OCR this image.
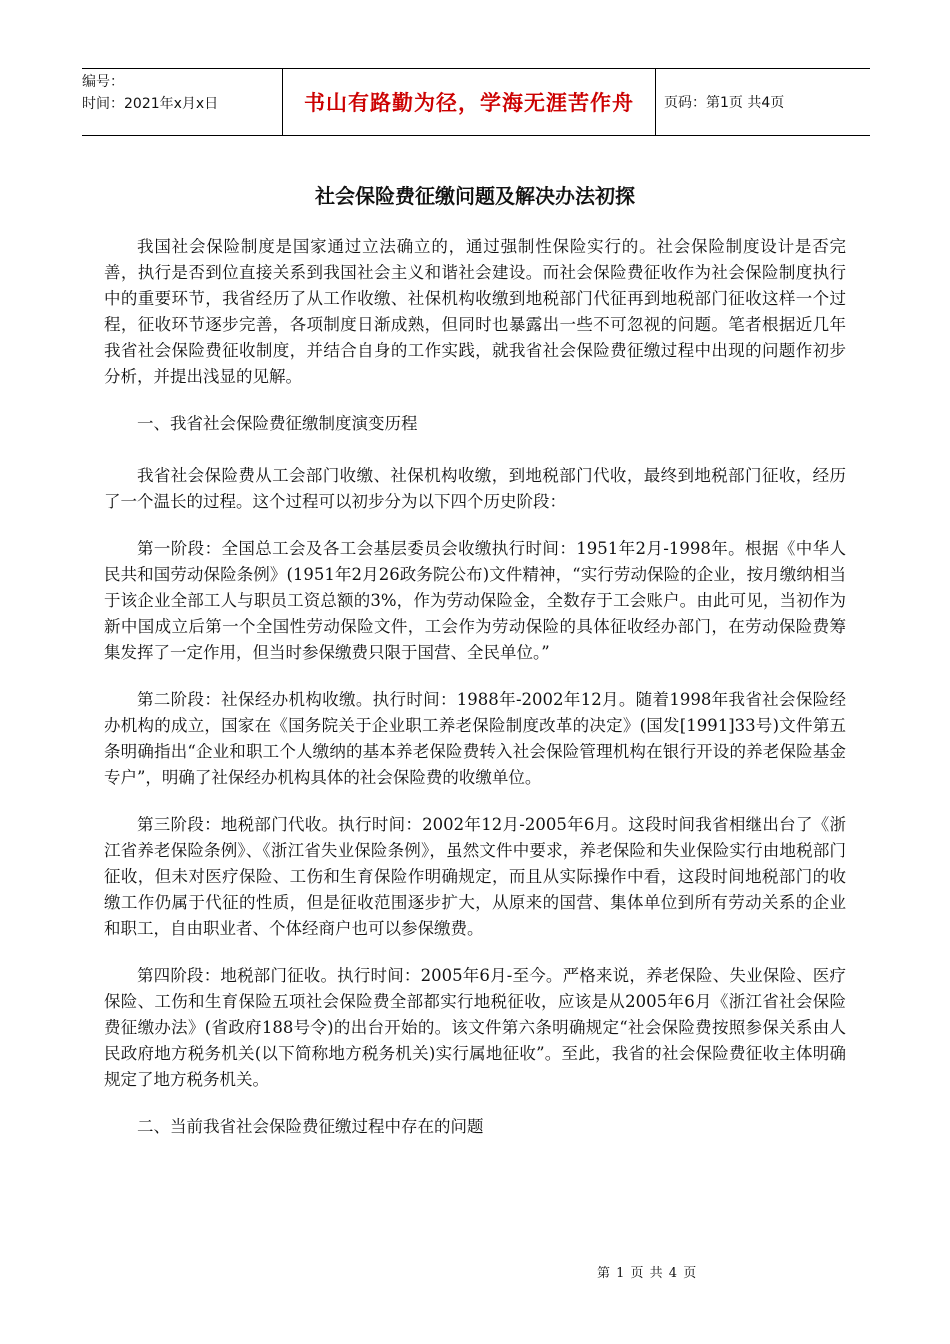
编号：
时间：2021年x月x日	书山有路勤为径，学海无涯苦作舟	页码：第1页 共4页
社会保险费征缴问题及解决办法初探

我国社会保险制度是国家通过立法确立的，通过强制性保险实行的。社会保险制度设计是否完善，执行是否到位直接关系到我国社会主义和谐社会建设。而社会保险费征收作为社会保险制度执行中的重要环节，我省经历了从工作收缴、社保机构收缴到地税部门代征再到地税部门征收这样一个过程，征收环节逐步完善，各项制度日渐成熟，但同时也暴露出一些不可忽视的问题。笔者根据近几年我省社会保险费征收制度，并结合自身的工作实践，就我省社会保险费征缴过程中出现的问题作初步分析，并提出浅显的见解。

一、我省社会保险费征缴制度演变历程

我省社会保险费从工会部门收缴、社保机构收缴，到地税部门代收，最终到地税部门征收，经历了一个温长的过程。这个过程可以初步分为以下四个历史阶段：

第一阶段：全国总工会及各工会基层委员会收缴执行时间：1951年2月-1998年。根据《中华人民共和国劳动保险条例》(1951年2月26政务院公布)文件精神，“实行劳动保险的企业，按月缴纳相当于该企业全部工人与职员工资总额的3%，作为劳动保险金，全数存于工会账户。由此可见，当初作为新中国成立后第一个全国性劳动保险文件，工会作为劳动保险的具体征收经办部门，在劳动保险费筹集发挥了一定作用，但当时参保缴费只限于国营、全民单位。”

第二阶段：社保经办机构收缴。执行时间：1988年-2002年12月。随着1998年我省社会保险经办机构的成立，国家在《国务院关于企业职工养老保险制度改革的决定》(国发[1991]33号)文件第五条明确指出“企业和职工个人缴纳的基本养老保险费转入社会保险管理机构在银行开设的养老保险基金专户”，明确了社保经办机构具体的社会保险费的收缴单位。

第三阶段：地税部门代收。执行时间：2002年12月-2005年6月。这段时间我省相继出台了《浙江省养老保险条例》、《浙江省失业保险条例》，虽然文件中要求，养老保险和失业保险实行由地税部门征收，但未对医疗保险、工伤和生育保险作明确规定，而且从实际操作中看，这段时间地税部门的收缴工作仍属于代征的性质，但是征收范围逐步扩大，从原来的国营、集体单位到所有劳动关系的企业和职工，自由职业者、个体经商户也可以参保缴费。

第四阶段：地税部门征收。执行时间：2005年6月-至今。严格来说，养老保险、失业保险、医疗保险、工伤和生育保险五项社会保险费全部都实行地税征收，应该是从2005年6月《浙江省社会保险费征缴办法》(省政府188号令)的出台开始的。该文件第六条明确规定“社会保险费按照参保关系由人民政府地方税务机关(以下简称地方税务机关)实行属地征收”。至此，我省的社会保险费征收主体明确规定了地方税务机关。

二、当前我省社会保险费征缴过程中存在的问题

第 1 页 共 4 页
